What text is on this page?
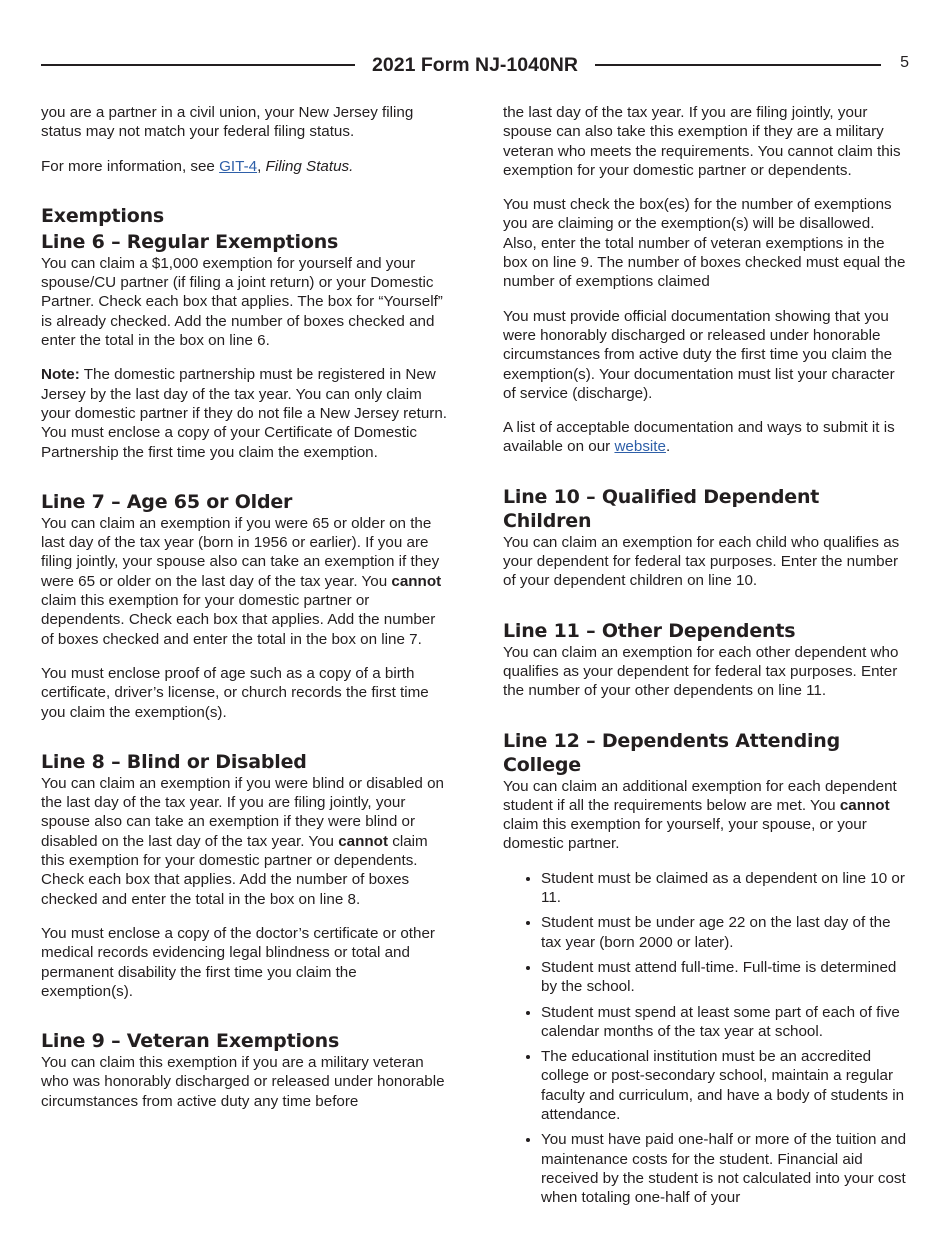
2021 Form NJ-1040NR	5

you are a partner in a civil union, your New Jersey filing status may not match your federal filing status.

For more information, see GIT-4, Filing Status.

Exemptions
Line 6 – Regular Exemptions

You can claim a $1,000 exemption for yourself and your spouse/CU partner (if filing a joint return) or your Domestic Partner. Check each box that applies. The box for “Yourself” is already checked. Add the number of boxes checked and enter the total in the box on line 6.

Note: The domestic partnership must be registered in New Jersey by the last day of the tax year. You can only claim your domestic partner if they do not file a New Jersey return. You must enclose a copy of your Certificate of Domestic Partnership the first time you claim the exemption.

Line 7 – Age 65 or Older

You can claim an exemption if you were 65 or older on the last day of the tax year (born in 1956 or earlier). If you are filing jointly, your spouse also can take an exemption if they were 65 or older on the last day of the tax year. You cannot claim this exemption for your domestic partner or dependents. Check each box that applies. Add the number of boxes checked and enter the total in the box on line 7.

You must enclose proof of age such as a copy of a birth certificate, driver’s license, or church records the first time you claim the exemption(s).

Line 8 – Blind or Disabled

You can claim an exemption if you were blind or disabled on the last day of the tax year. If you are filing jointly, your spouse also can take an exemption if they were blind or disabled on the last day of the tax year. You cannot claim this exemption for your domestic partner or dependents. Check each box that applies. Add the number of boxes checked and enter the total in the box on line 8.

You must enclose a copy of the doctor’s certificate or other medical records evidencing legal blindness or total and permanent disability the first time you claim the exemption(s).

Line 9 – Veteran Exemptions

You can claim this exemption if you are a military veteran who was honorably discharged or released under honorable circumstances from active duty any time before

the last day of the tax year. If you are filing jointly, your spouse can also take this exemption if they are a military veteran who meets the requirements. You cannot claim this exemption for your domestic partner or dependents.

You must check the box(es) for the number of exemptions you are claiming or the exemption(s) will be disallowed. Also, enter the total number of veteran exemptions in the box on line 9. The number of boxes checked must equal the number of exemptions claimed

You must provide official documentation showing that you were honorably discharged or released under honorable circumstances from active duty the first time you claim the exemption(s). Your documentation must list your character of service (discharge).

A list of acceptable documentation and ways to submit it is available on our website.

Line 10 – Qualified Dependent Children

You can claim an exemption for each child who qualifies as your dependent for federal tax purposes. Enter the number of your dependent children on line 10.

Line 11 – Other Dependents

You can claim an exemption for each other dependent who qualifies as your dependent for federal tax purposes. Enter the number of your other dependents on line 11.

Line 12 – Dependents Attending College

You can claim an additional exemption for each dependent student if all the requirements below are met. You cannot claim this exemption for yourself, your spouse, or your domestic partner.

• Student must be claimed as a dependent on line 10 or 11.
• Student must be under age 22 on the last day of the tax year (born 2000 or later).
• Student must attend full-time. Full-time is determined by the school.
• Student must spend at least some part of each of five calendar months of the tax year at school.
• The educational institution must be an accredited college or post-secondary school, maintain a regular faculty and curriculum, and have a body of students in attendance.
• You must have paid one-half or more of the tuition and maintenance costs for the student. Financial aid received by the student is not calculated into your cost when totaling one-half of your
